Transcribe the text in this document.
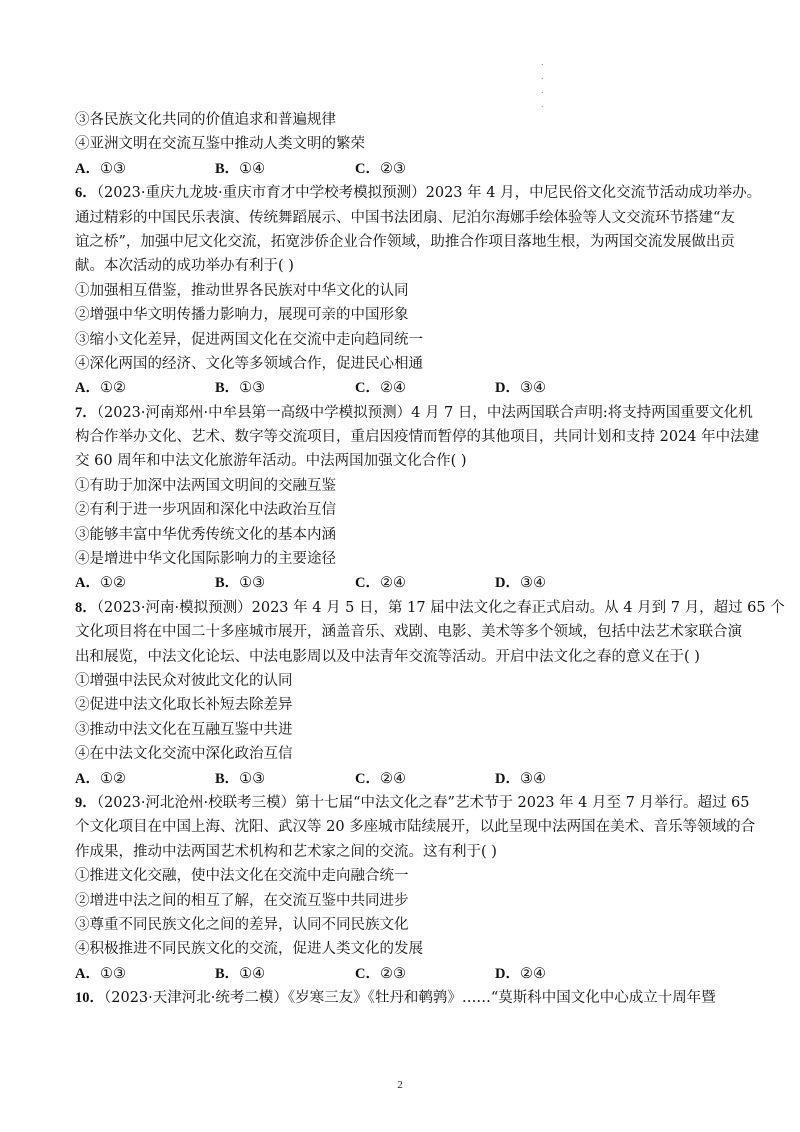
.
.
.
.
③各民族文化共同的价值追求和普遍规律
④亚洲文明在交流互鉴中推动人类文明的繁荣
A．①③	B．①④	C．②③
6．（2023·重庆九龙坡·重庆市育才中学校考模拟预测）2023 年 4 月，中尼民俗文化交流节活动成功举办。
通过精彩的中国民乐表演、传统舞蹈展示、中国书法团扇、尼泊尔海娜手绘体验等人文交流环节搭建“友
谊之桥”，加强中尼文化交流，拓宽涉侨企业合作领域，助推合作项目落地生根，为两国交流发展做出贡
献。本次活动的成功举办有利于( )
①加强相互借鉴，推动世界各民族对中华文化的认同
②增强中华文明传播力影响力，展现可亲的中国形象
③缩小文化差异，促进两国文化在交流中走向趋同统一
④深化两国的经济、文化等多领域合作，促进民心相通
A．①②	B．①③	C．②④	D．③④
7．（2023·河南郑州·中牟县第一高级中学模拟预测）4 月 7 日，中法两国联合声明:将支持两国重要文化机
构合作举办文化、艺术、数字等交流项目，重启因疫情而暂停的其他项目，共同计划和支持 2024 年中法建
交 60 周年和中法文化旅游年活动。中法两国加强文化合作( )
①有助于加深中法两国文明间的交融互鉴
②有利于进一步巩固和深化中法政治互信
③能够丰富中华优秀传统文化的基本内涵
④是增进中华文化国际影响力的主要途径
A．①②	B．①③	C．②④	D．③④
8．（2023·河南·模拟预测）2023 年 4 月 5 日，第 17 届中法文化之春正式启动。从 4 月到 7 月，超过 65 个
文化项目将在中国二十多座城市展开，涵盖音乐、戏剧、电影、美术等多个领域，包括中法艺术家联合演
出和展览，中法文化论坛、中法电影周以及中法青年交流等活动。开启中法文化之春的意义在于( )
①增强中法民众对彼此文化的认同
②促进中法文化取长补短去除差异
③推动中法文化在互融互鉴中共进
④在中法文化交流中深化政治互信
A．①②	B．①③	C．②④	D．③④
9．（2023·河北沧州·校联考三模）第十七届“中法文化之春”艺术节于 2023 年 4 月至 7 月举行。超过 65
个文化项目在中国上海、沈阳、武汉等 20 多座城市陆续展开，以此呈现中法两国在美术、音乐等领域的合
作成果，推动中法两国艺术机构和艺术家之间的交流。这有利于( )
①推进文化交融，使中法文化在交流中走向融合统一
②增进中法之间的相互了解，在交流互鉴中共同进步
③尊重不同民族文化之间的差异，认同不同民族文化
④积极推进不同民族文化的交流，促进人类文化的发展
A．①③	B．①④	C．②③	D．②④
10．（2023·天津河北·统考二模）《岁寒三友》《牡丹和鹌鹑》……“莫斯科中国文化中心成立十周年暨
2
